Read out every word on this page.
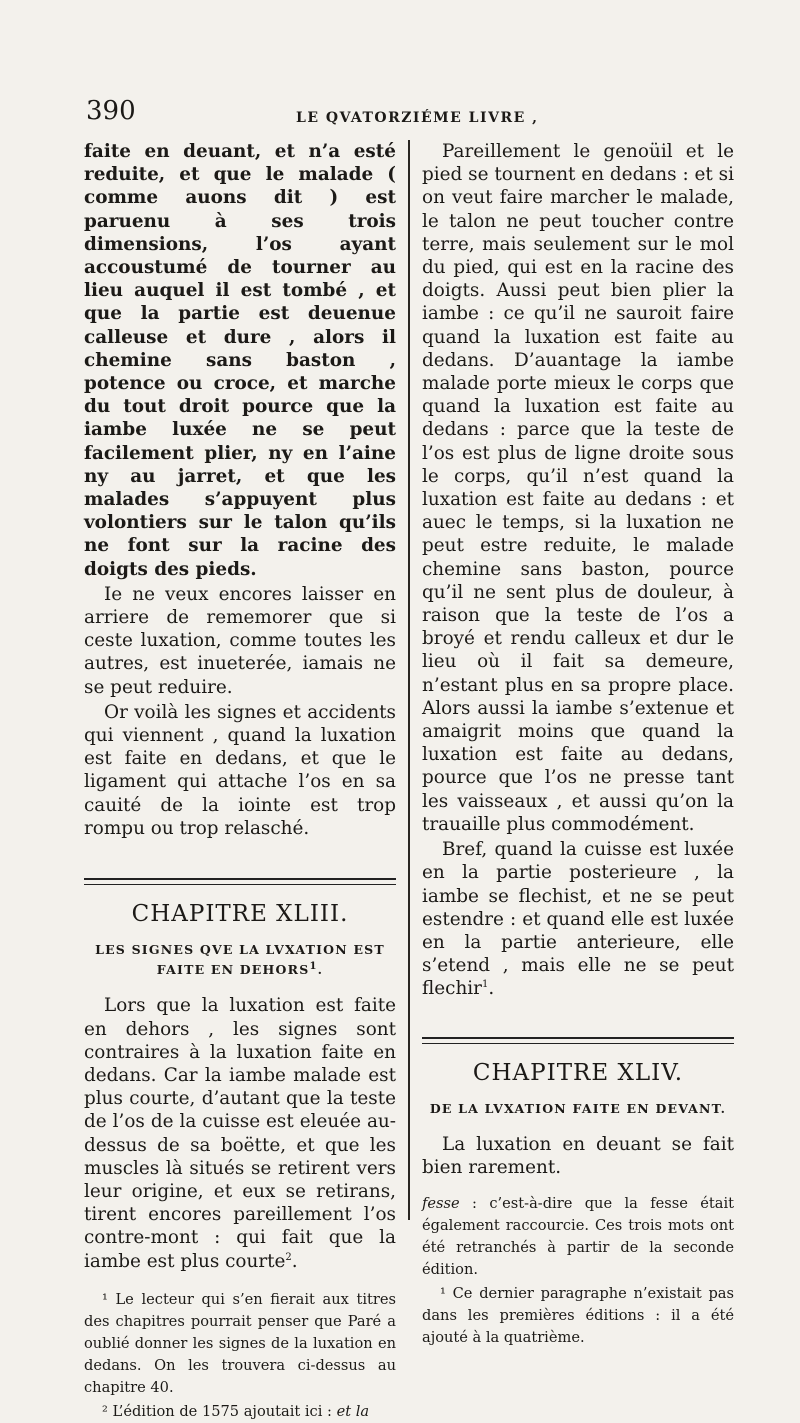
390	LE QVATORZIÉME LIVRE ,

faite en deuant, et n’a esté reduite, et que le malade ( comme auons dit ) est paruenu à ses trois dimensions, l’os ayant accoustumé de tourner au lieu auquel il est tombé , et que la partie est deuenue calleuse et dure , alors il chemine sans baston , potence ou croce, et marche du tout droit pource que la iambe luxée ne se peut facilement plier, ny en l’aine ny au jarret, et que les malades s’appuyent plus volontiers sur le talon qu’ils ne font sur la racine des doigts des pieds.

Ie ne veux encores laisser en arriere de rememorer que si ceste luxation, comme toutes les autres, est inueterée, iamais ne se peut reduire.

Or voilà les signes et accidents qui viennent , quand la luxation est faite en dedans, et que le ligament qui attache l’os en sa cauité de la iointe est trop rompu ou trop relasché.

CHAPITRE XLIII.
LES SIGNES QVE LA LVXATION EST FAITE EN DEHORS$^1$.

Lors que la luxation est faite en dehors , les signes sont contraires à la luxation faite en dedans. Car la iambe malade est plus courte, d’autant que la teste de l’os de la cuisse est eleuée au-dessus de sa boëtte, et que les muscles là situés se retirent vers leur origine, et eux se retirans, tirent encores pareillement l’os contre-mont : qui fait que la iambe est plus courte$^2$.

¹ Le lecteur qui s’en fierait aux titres des chapitres pourrait penser que Paré a oublié donner les signes de la luxation en dedans. On les trouvera ci-dessus au chapitre 40.

² L’édition de 1575 ajoutait ici : et la

Pareillement le genoüil et le pied se tournent en dedans : et si on veut faire marcher le malade, le talon ne peut toucher contre terre, mais seulement sur le mol du pied, qui est en la racine des doigts. Aussi peut bien plier la iambe : ce qu’il ne sauroit faire quand la luxation est faite au dedans. D’auantage la iambe malade porte mieux le corps que quand la luxation est faite au dedans : parce que la teste de l’os est plus de ligne droite sous le corps, qu’il n’est quand la luxation est faite au dedans : et auec le temps, si la luxation ne peut estre reduite, le malade chemine sans baston, pource qu’il ne sent plus de douleur, à raison que la teste de l’os a broyé et rendu calleux et dur le lieu où il fait sa demeure, n’estant plus en sa propre place. Alors aussi la iambe s’extenue et amaigrit moins que quand la luxation est faite au dedans, pource que l’os ne presse tant les vaisseaux , et aussi qu’on la trauaille plus commodément.

Bref, quand la cuisse est luxée en la partie posterieure , la iambe se flechist, et ne se peut estendre : et quand elle est luxée en la partie anterieure, elle s’etend , mais elle ne se peut flechir$^1$.

CHAPITRE XLIV.
DE LA LVXATION FAITE EN DEVANT.

La luxation en deuant se fait bien rarement.

fesse : c’est-à-dire que la fesse était également raccourcie. Ces trois mots ont été retranchés à partir de la seconde édition.

¹ Ce dernier paragraphe n’existait pas dans les premières éditions : il a été ajouté à la quatrième.
